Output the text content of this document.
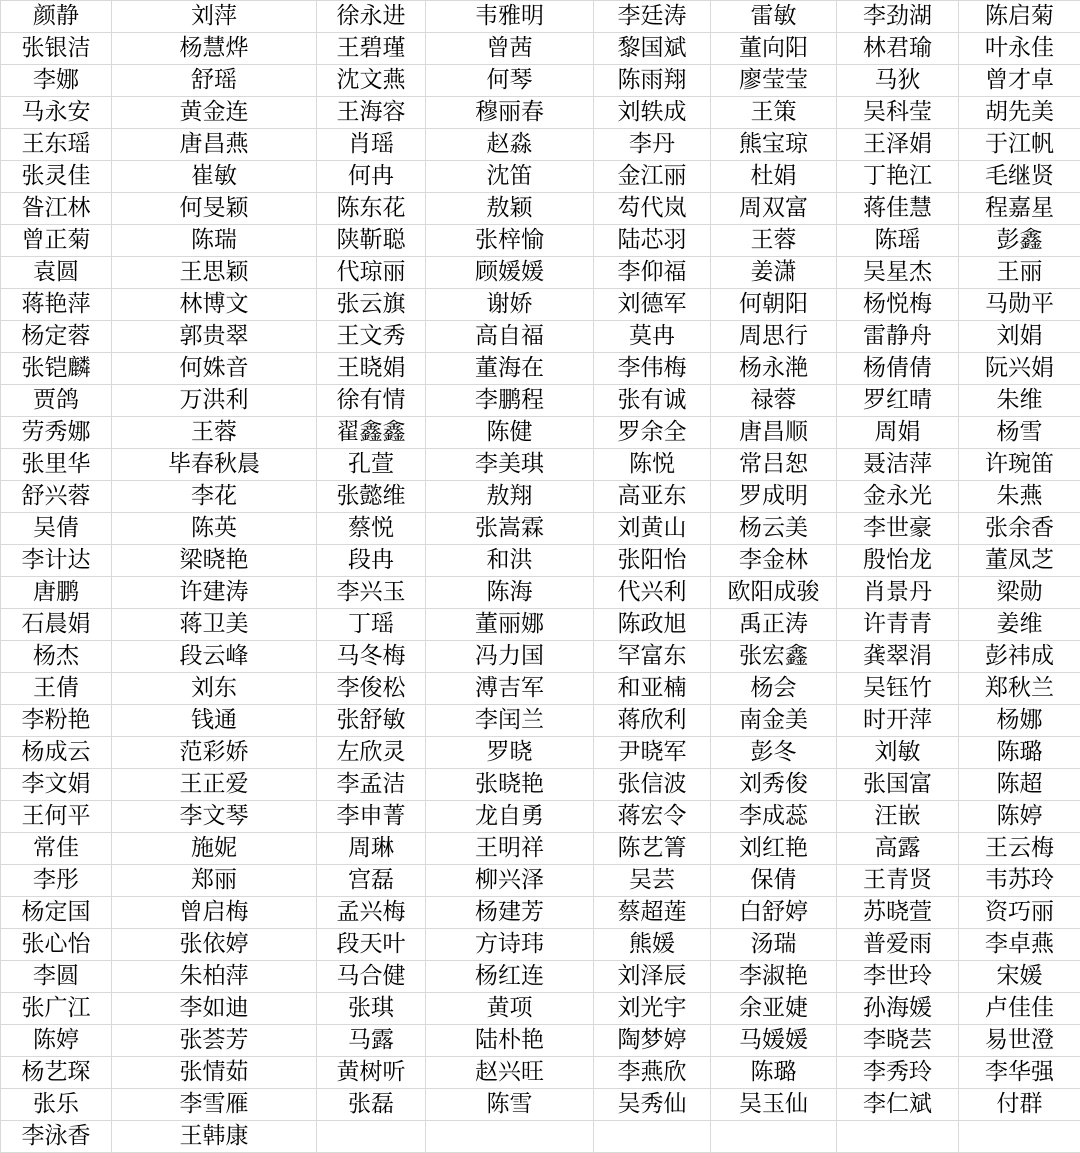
颜静	刘萍	徐永进	韦雅明	李廷涛	雷敏	李劲湖	陈启菊
张银洁	杨慧烨	王碧瑾	曾茜	黎国斌	董向阳	林君瑜	叶永佳
李娜	舒瑶	沈文燕	何琴	陈雨翔	廖莹莹	马狄	曾才卓
马永安	黄金连	王海容	穆丽春	刘轶成	王策	吴科莹	胡先美
王东瑶	唐昌燕	肖瑶	赵淼	李丹	熊宝琼	王泽娟	于江帆
张灵佳	崔敏	何冉	沈笛	金江丽	杜娟	丁艳江	毛继贤
昝江林	何旻颖	陈东花	敖颖	芶代岚	周双富	蒋佳慧	程嘉星
曾正菊	陈瑞	陕靳聪	张梓愉	陆芯羽	王蓉	陈瑶	彭鑫
袁圆	王思颖	代琼丽	顾媛媛	李仰福	姜潇	吴星杰	王丽
蒋艳萍	林博文	张云旗	谢娇	刘德军	何朝阳	杨悦梅	马勋平
杨定蓉	郭贵翠	王文秀	高自福	莫冉	周思行	雷静舟	刘娟
张铠麟	何姝音	王晓娟	董海在	李伟梅	杨永滟	杨倩倩	阮兴娟
贾鸽	万洪利	徐有情	李鹏程	张有诚	禄蓉	罗红晴	朱维
劳秀娜	王蓉	翟鑫鑫	陈健	罗余全	唐昌顺	周娟	杨雪
张里华	毕春秋晨	孔萱	李美琪	陈悦	常吕恕	聂洁萍	许琬笛
舒兴蓉	李花	张懿维	敖翔	高亚东	罗成明	金永光	朱燕
吴倩	陈英	蔡悦	张嵩霖	刘黄山	杨云美	李世豪	张余香
李计达	梁晓艳	段冉	和洪	张阳怡	李金林	殷怡龙	董凤芝
唐鹏	许建涛	李兴玉	陈海	代兴利	欧阳成骏	肖景丹	梁勋
石晨娟	蒋卫美	丁瑶	董丽娜	陈政旭	禹正涛	许青青	姜维
杨杰	段云峰	马冬梅	冯力国	罕富东	张宏鑫	龚翠涓	彭祎成
王倩	刘东	李俊松	溥吉军	和亚楠	杨会	吴钰竹	郑秋兰
李粉艳	钱通	张舒敏	李闰兰	蒋欣利	南金美	时开萍	杨娜
杨成云	范彩娇	左欣灵	罗晓	尹晓军	彭冬	刘敏	陈璐
李文娟	王正爱	李孟洁	张晓艳	张信波	刘秀俊	张国富	陈超
王何平	李文琴	李申菁	龙自勇	蒋宏令	李成蕊	汪嵌	陈婷
常佳	施妮	周琳	王明祥	陈艺箐	刘红艳	高露	王云梅
李彤	郑丽	宫磊	柳兴泽	吴芸	保倩	王青贤	韦苏玲
杨定国	曾启梅	孟兴梅	杨建芳	蔡超莲	白舒婷	苏晓萱	资巧丽
张心怡	张依婷	段天叶	方诗玮	熊媛	汤瑞	普爱雨	李卓燕
李圆	朱柏萍	马合健	杨红连	刘泽辰	李淑艳	李世玲	宋媛
张广江	李如迪	张琪	黄项	刘光宇	余亚婕	孙海媛	卢佳佳
陈婷	张荟芳	马露	陆朴艳	陶梦婷	马媛媛	李晓芸	易世澄
杨艺琛	张情茹	黄树听	赵兴旺	李燕欣	陈璐	李秀玲	李华强
张乐	李雪雁	张磊	陈雪	吴秀仙	吴玉仙	李仁斌	付群
李泳香	王韩康						
